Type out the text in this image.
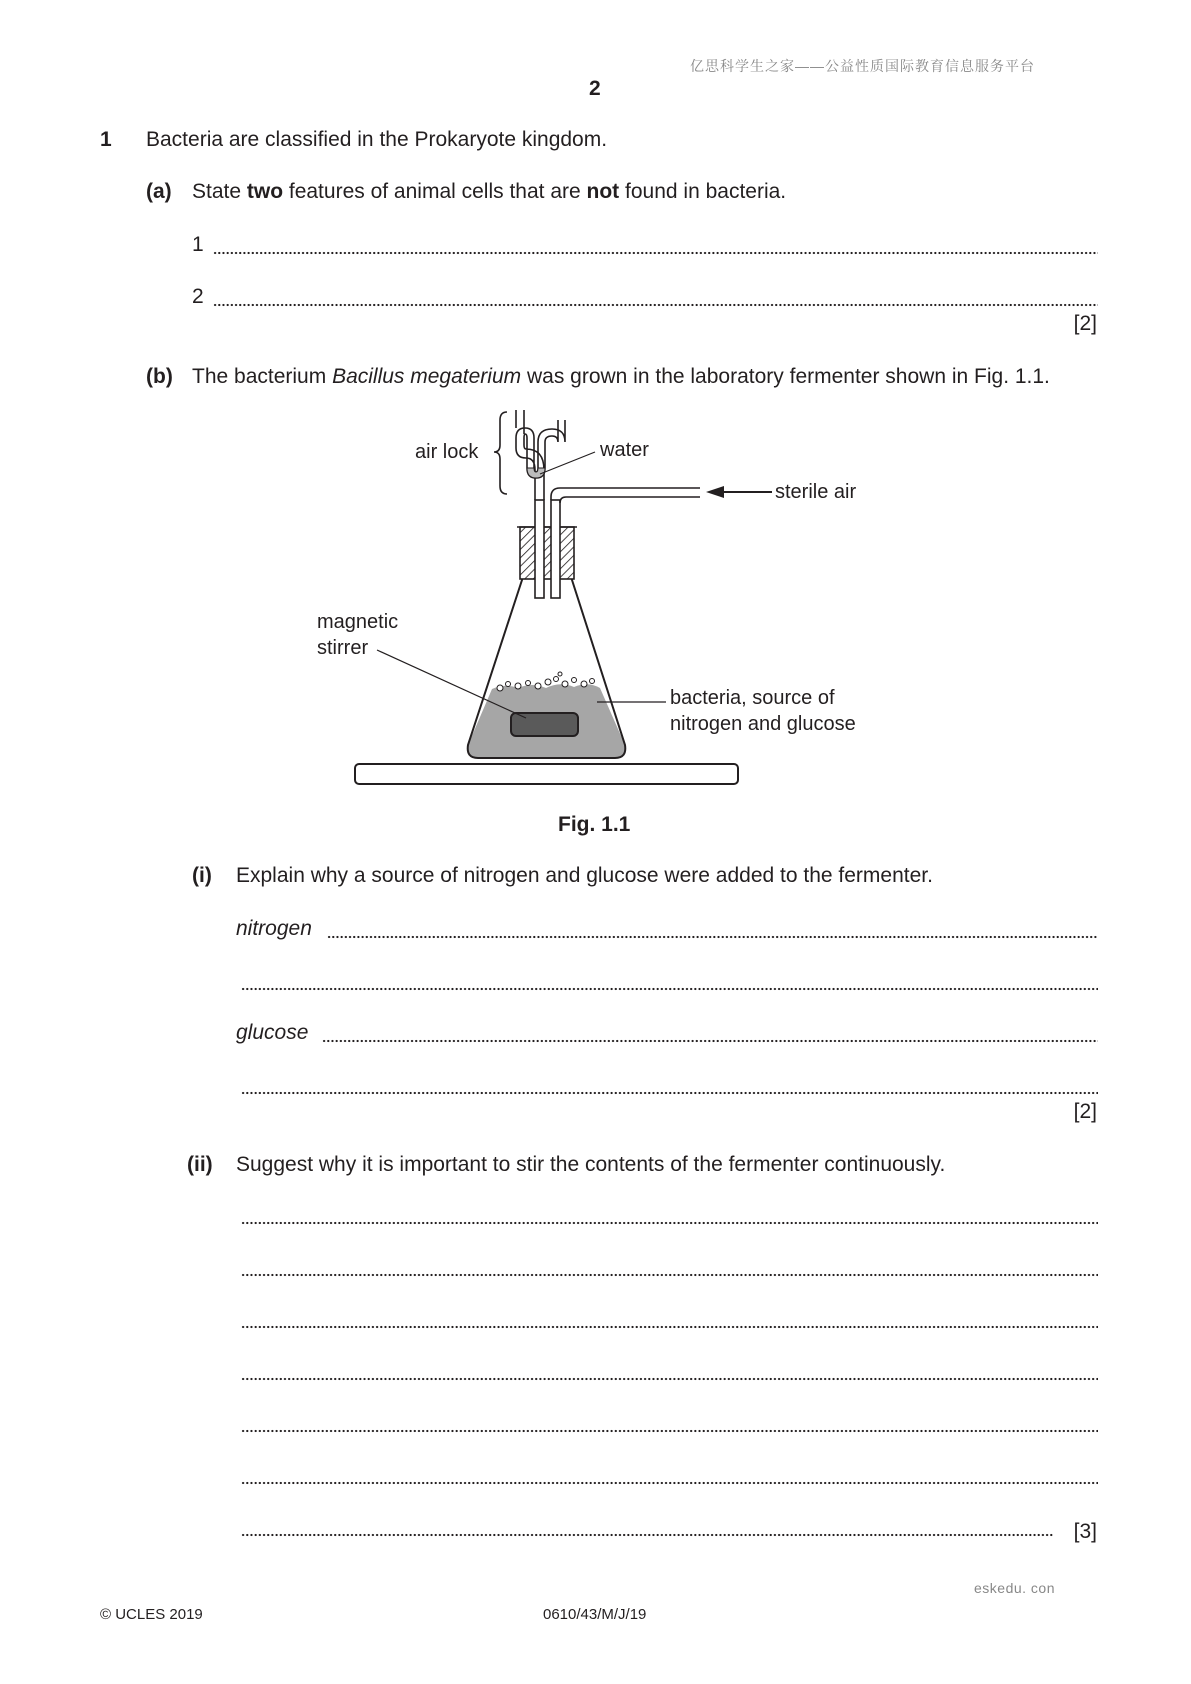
亿思科学生之家——公益性质国际教育信息服务平台
2
1 Bacteria are classified in the Prokaryote kingdom.
(a) State two features of animal cells that are not found in bacteria.
1
2
[2]
(b) The bacterium Bacillus megaterium was grown in the laboratory fermenter shown in Fig. 1.1.
air lock	water
sterile air
magnetic
stirrer
bacteria, source of
nitrogen and glucose
Fig. 1.1
(i) Explain why a source of nitrogen and glucose were added to the fermenter.
nitrogen
glucose
[2]
(ii) Suggest why it is important to stir the contents of the fermenter continuously.
[3]
eskedu. con
© UCLES 2019	0610/43/M/J/19
